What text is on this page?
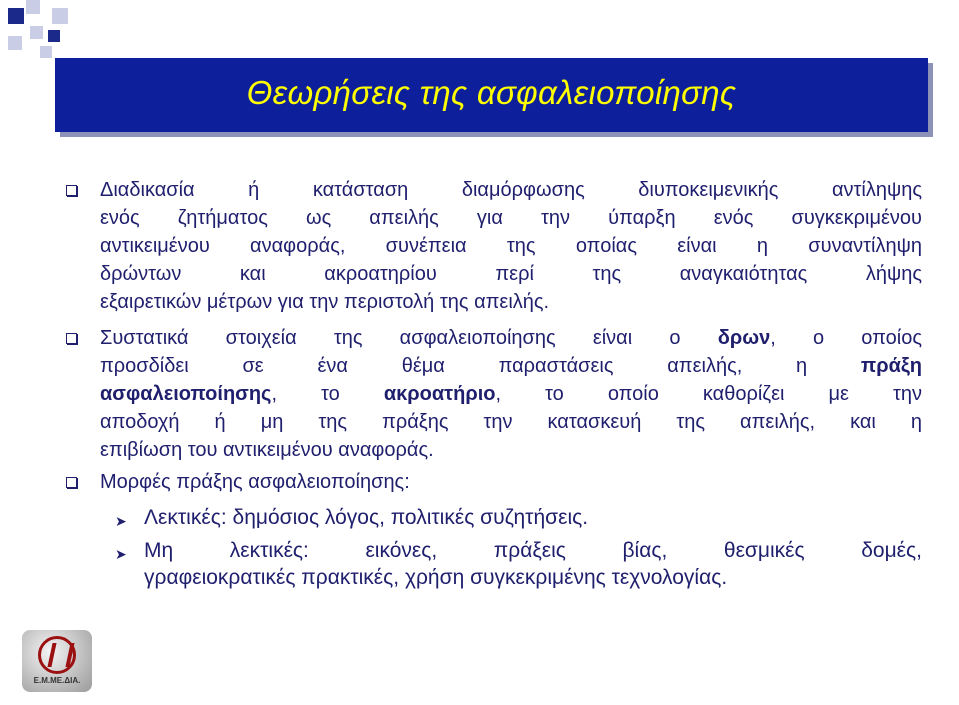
Θεωρήσεις της ασφαλειοποίησης
Διαδικασία ή κατάσταση διαμόρφωσης διυποκειμενικής αντίληψης
ενός ζητήματος ως απειλής για την ύπαρξη ενός συγκεκριμένου
αντικειμένου αναφοράς, συνέπεια της οποίας είναι η συναντίληψη
δρώντων και ακροατηρίου περί της αναγκαιότητας λήψης
εξαιρετικών μέτρων για την περιστολή της απειλής.
Συστατικά στοιχεία της ασφαλειοποίησης είναι ο δρων, ο οποίος
προσδίδει σε ένα θέμα παραστάσεις απειλής, η πράξη
ασφαλειοποίησης, το ακροατήριο, το οποίο καθορίζει με την
αποδοχή ή μη της πράξης την κατασκευή της απειλής, και η
επιβίωση του αντικειμένου αναφοράς.
Μορφές πράξης ασφαλειοποίησης:
➤ Λεκτικές: δημόσιος λόγος, πολιτικές συζητήσεις.
➤ Μη λεκτικές: εικόνες, πράξεις βίας, θεσμικές δομές,
γραφειοκρατικές πρακτικές, χρήση συγκεκριμένης τεχνολογίας.
Ε.Μ.ΜΕ.ΔΙΑ.
